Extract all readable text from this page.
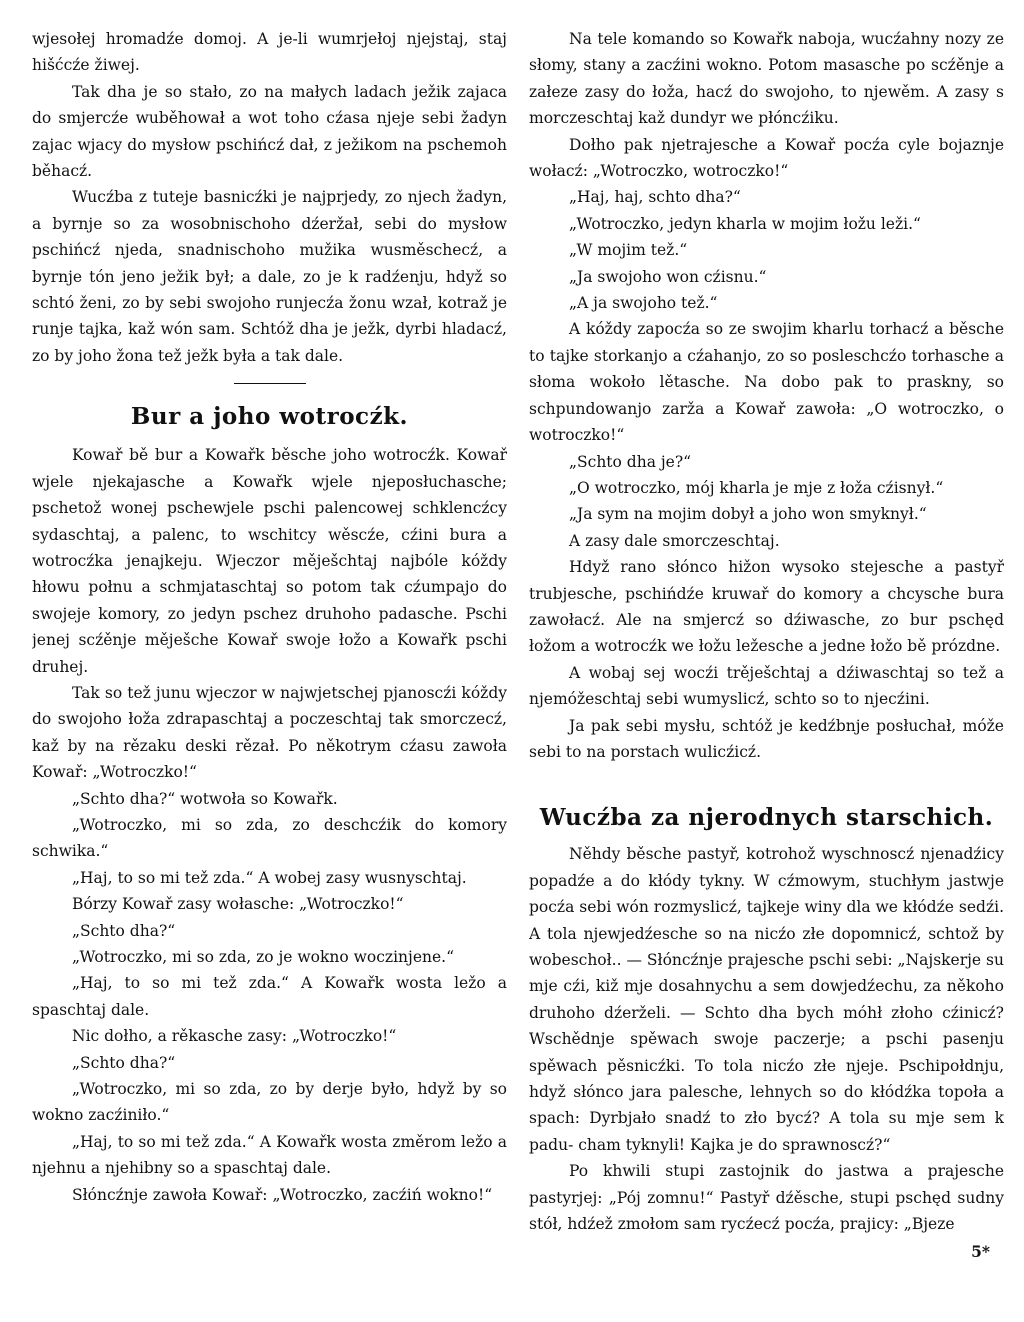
wjesołej hromadźe domoj. A je-li wumrjełoj njejstaj, staj hišćcźe žiwej.

Tak dha je so stało, zo na małych ladach ježik zajaca do smjercźe wuběhował a wot toho cźasa njeje sebi žadyn zajac wjacy do mysłow pschińcź dał, z ježikom na pschemoh běhacź.

Wucźba z tuteje basnicźki je najprjedy, zo njech žadyn, a byrnje so za wosobnischoho dźeržał, sebi do mysłow pschińcź njeda, snadnischoho mužika wusměschecź, a byrnje tón jeno ježik był; a dale, zo je k radźenju, hdyž so schtó ženi, zo by sebi swojoho runjecźa žonu wzał, kotraž je runje tajka, kaž wón sam. Schtóž dha je ježk, dyrbi hladacź, zo by joho žona tež ježk była a tak dale.

Bur a joho wotrocźk.

Kowař bě bur a Kowařk běsche joho wotrocźk. Kowař wjele njekajasche a Kowařk wjele njeposłuchasche; pschetož wonej pschewjele pschi palencowej schklencźcy sydaschtaj, a palenc, to wschitcy wěscźe, cźini bura a wotrocźka jenajkeju. Wjeczor měješchtaj najbóle kóždy hłowu połnu a schmjataschtaj so potom tak cźumpajo do swojeje komory, zo jedyn pschez druhoho padasche. Pschi jenej scźěnje měješche Kowař swoje łožo a Kowařk pschi druhej.

Tak so tež junu wjeczor w najwjetschej pjanoscźi kóždy do swojoho łoža zdrapaschtaj a poczeschtaj tak smorczecź, kaž by na rězaku deski rězał. Po někotrym cźasu zawoła Kowař: „Wotroczko!“

„Schto dha?“ wotwoła so Kowařk.

„Wotroczko, mi so zda, zo deschcźik do komory schwika.“

„Haj, to so mi tež zda.“ A wobej zasy wusnyschtaj.

Bórzy Kowař zasy wołasche: „Wotroczko!“

„Schto dha?“

„Wotroczko, mi so zda, zo je wokno woczinjene.“

„Haj, to so mi tež zda.“ A Kowařk wosta ležo a spaschtaj dale.

Nic dołho, a rěkasche zasy: „Wotroczko!“

„Schto dha?“

„Wotroczko, mi so zda, zo by derje było, hdyž by so wokno zacźiniło.“

„Haj, to so mi tež zda.“ A Kowařk wosta změrom ležo a njehnu a njehibny so a spaschtaj dale.

Słóncźnje zawoła Kowař: „Wotroczko, zacźiń wokno!“

Na tele komando so Kowařk naboja, wucźahny nozy ze słomy, stany a zacźini wokno. Potom masasche po scźěnje a załeze zasy do łoža, hacź do swojoho, to njewěm. A zasy s morczeschtaj kaž dundyr we płóncźiku.

Dołho pak njetrajesche a Kowař pocźa cyle bojaznje wołacź: „Wotroczko, wotroczko!“

„Haj, haj, schto dha?“

„Wotroczko, jedyn kharla w mojim łožu leži.“

„W mojim tež.“

„Ja swojoho won cźisnu.“

„A ja swojoho tež.“

A kóždy zapocźa so ze swojim kharlu torhacź a běsche to tajke storkanjo a cźahanjo, zo so posleschcźo torhasche a słoma wokoło lětasche. Na dobo pak to praskny, so schpundowanjo zarža a Kowař zawoła: „O wotroczko, o wotroczko!“

„Schto dha je?“

„O wotroczko, mój kharla je mje z łoža cźisnył.“

„Ja sym na mojim dobył a joho won smyknył.“

A zasy dale smorczeschtaj.

Hdyž rano słónco hižon wysoko stejesche a pastyř trubjesche, pschińdźe kruwař do komory a chcysche bura zawołacź. Ale na smjercź so dźiwasche, zo bur pschęd łožom a wotrocźk we łožu ležesche a jedne łožo bě prózdne.

A wobaj sej wocźi trěješchtaj a dźiwaschtaj so tež a njemóžeschtaj sebi wumyslicź, schto so to njecźini.

Ja pak sebi mysłu, schtóž je kedźbnje posłuchał, móže sebi to na porstach wulicźicź.

Wucźba za njerodnych starschich.

Něhdy běsche pastyř, kotrohož wyschnoscź njenadźicy popadźe a do kłódy tykny. W cźmowym, stuchłym jastwje pocźa sebi wón rozmyslicź, tajkeje winy dla we kłódźe sedźi. A tola njewjedźesche so na nicźo złe dopomnicź, schtož by wobeschoł.. — Słóncźnje prajesche pschi sebi: „Najskerje su mje cźi, kiž mje dosahnychu a sem dowjedźechu, za někoho druhoho dźerželi. — Schto dha bych móhł złoho cźinicź? Wschědnje spěwach swoje paczerje; a pschi pasenju spěwach pěsnicźki. To tola nicźo złe njeje. Pschipołdnju, hdyž słónco jara palesche, lehnych so do kłódźka topoła a spach: Dyrbjało snadź to zło bycź? A tola su mje sem k padu- cham tyknyli! Kajka je do sprawnoscź?“

Po khwili stupi zastojnik do jastwa a prajesche pastyrjej: „Pój zomnu!“ Pastyř dźěsche, stupi pschęd sudny stół, hdźež zmołom sam rycźecź pocźa, prajicy: „Bjeze

5*
